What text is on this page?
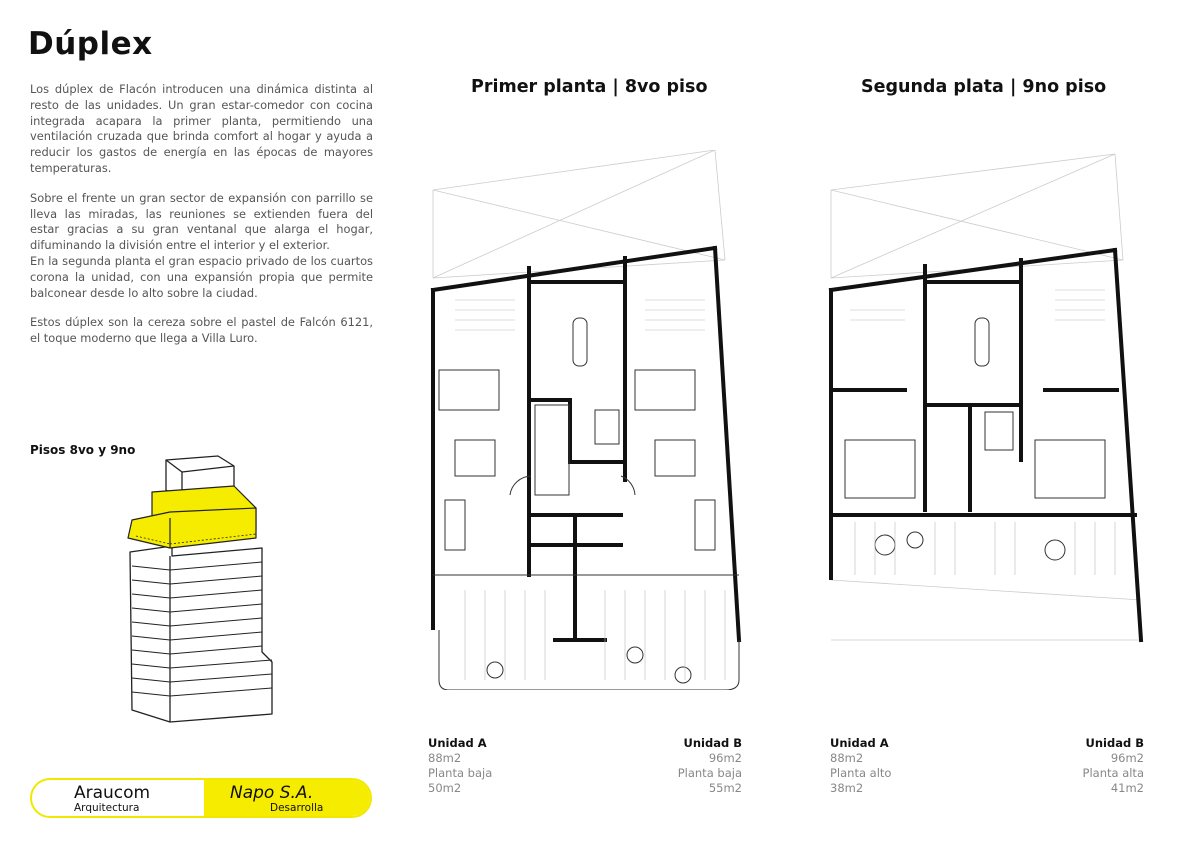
Dúplex

Los dúplex de Flacón introducen una dinámica distinta al resto de las unidades. Un gran estar-comedor con cocina integrada acapara la primer planta, permitiendo una ventilación cruzada que brinda comfort al hogar y ayuda a reducir los gastos de energía en las épocas de mayores temperaturas.

Sobre el frente un gran sector de expansión con parrillo se lleva las miradas, las reuniones se extienden fuera del estar gracias a su gran ventanal que alarga el hogar, difuminando la división entre el interior y el exterior.

En la segunda planta el gran espacio privado de los cuartos corona la unidad, con una expansión propia que permite balconear desde lo alto sobre la ciudad.

Estos dúplex son la cereza sobre el pastel de Falcón 6121, el toque moderno que llega a Villa Luro.

Pisos 8vo y 9no
Primer planta | 8vo piso	Segunda plata | 9no piso
Unidad A
88m2
Planta baja
50m2
Unidad B
96m2
Planta baja
55m2
Unidad A
88m2
Planta alto
38m2
Unidad B
96m2
Planta alta
41m2
Araucom
Arquitectura
Napo S.A.
Desarrolla
